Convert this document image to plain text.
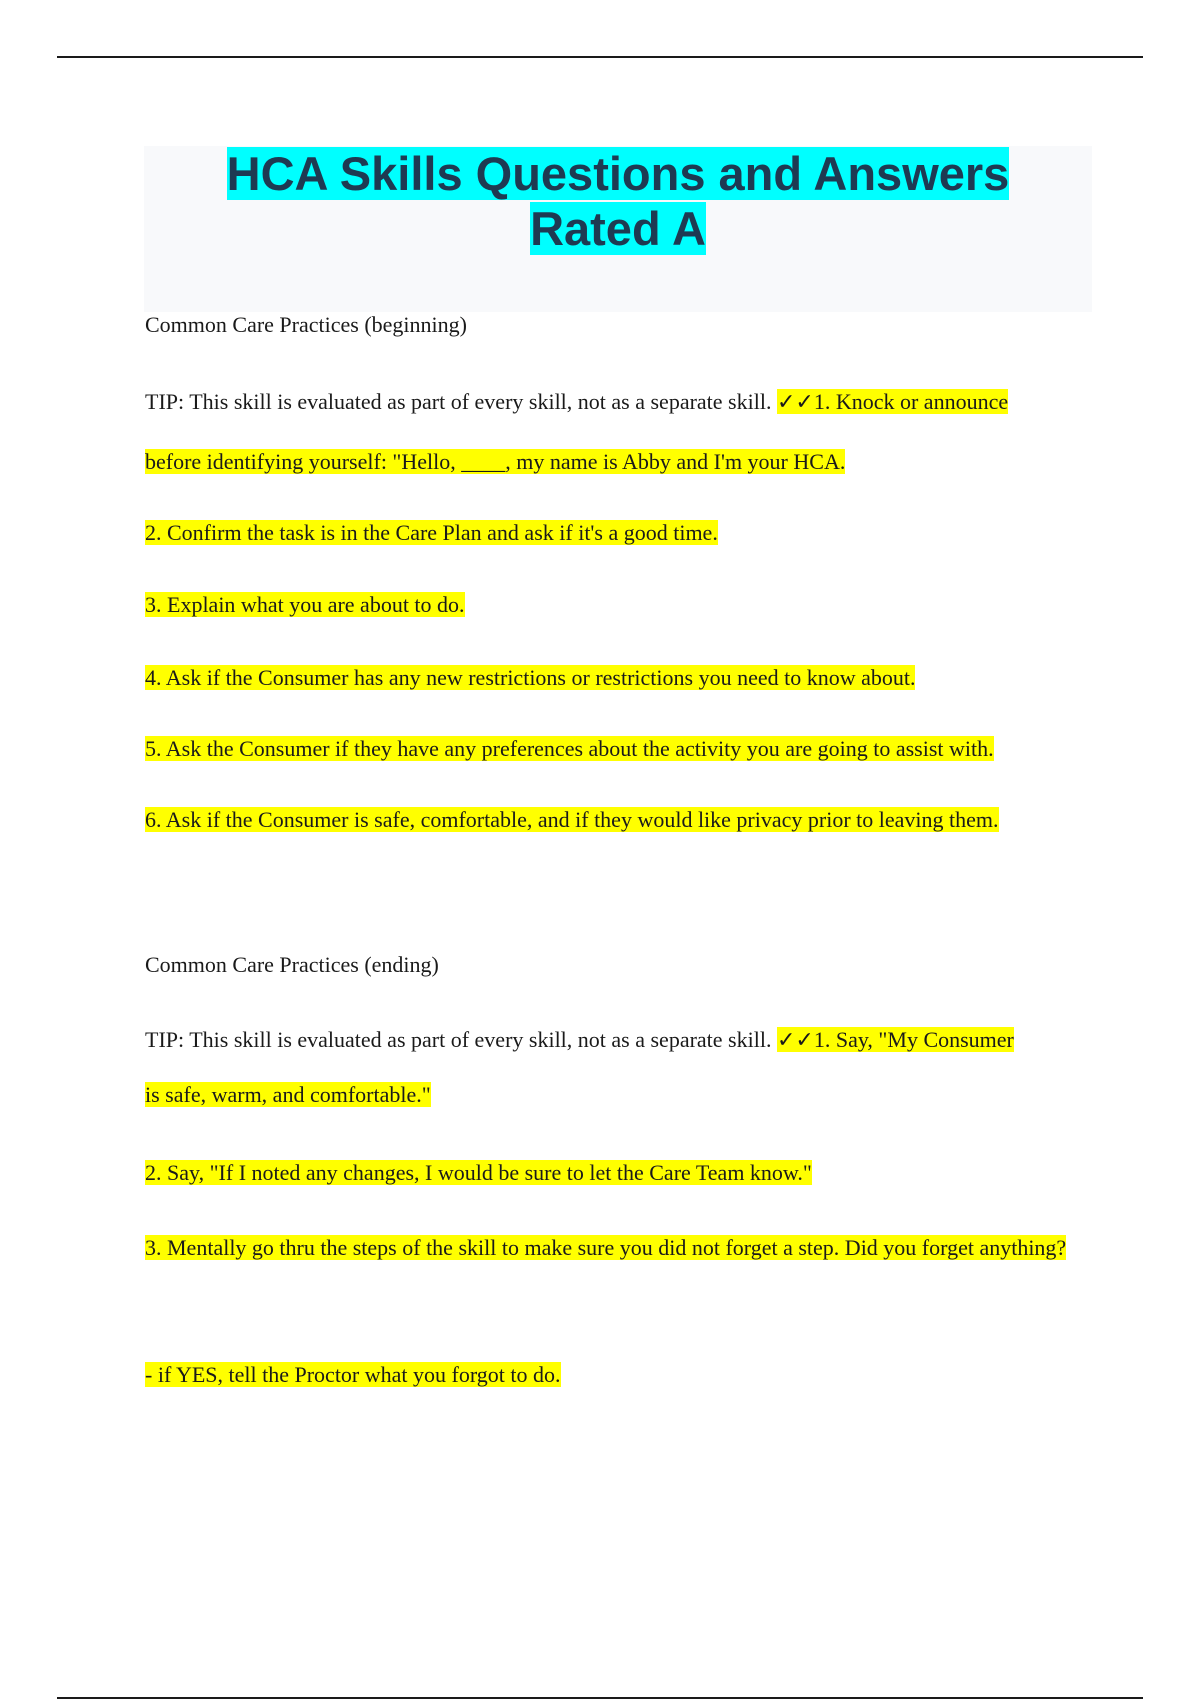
HCA Skills Questions and Answers
Rated A

Common Care Practices (beginning)

TIP: This skill is evaluated as part of every skill, not as a separate skill. ✓✓1. Knock or announce before identifying yourself: "Hello, ____, my name is Abby and I'm your HCA.

2. Confirm the task is in the Care Plan and ask if it's a good time.

3. Explain what you are about to do.

4. Ask if the Consumer has any new restrictions or restrictions you need to know about.

5. Ask the Consumer if they have any preferences about the activity you are going to assist with.

6. Ask if the Consumer is safe, comfortable, and if they would like privacy prior to leaving them.

Common Care Practices (ending)

TIP: This skill is evaluated as part of every skill, not as a separate skill. ✓✓1. Say, "My Consumer is safe, warm, and comfortable."

2. Say, "If I noted any changes, I would be sure to let the Care Team know."

3. Mentally go thru the steps of the skill to make sure you did not forget a step. Did you forget anything?

- if YES, tell the Proctor what you forgot to do.
